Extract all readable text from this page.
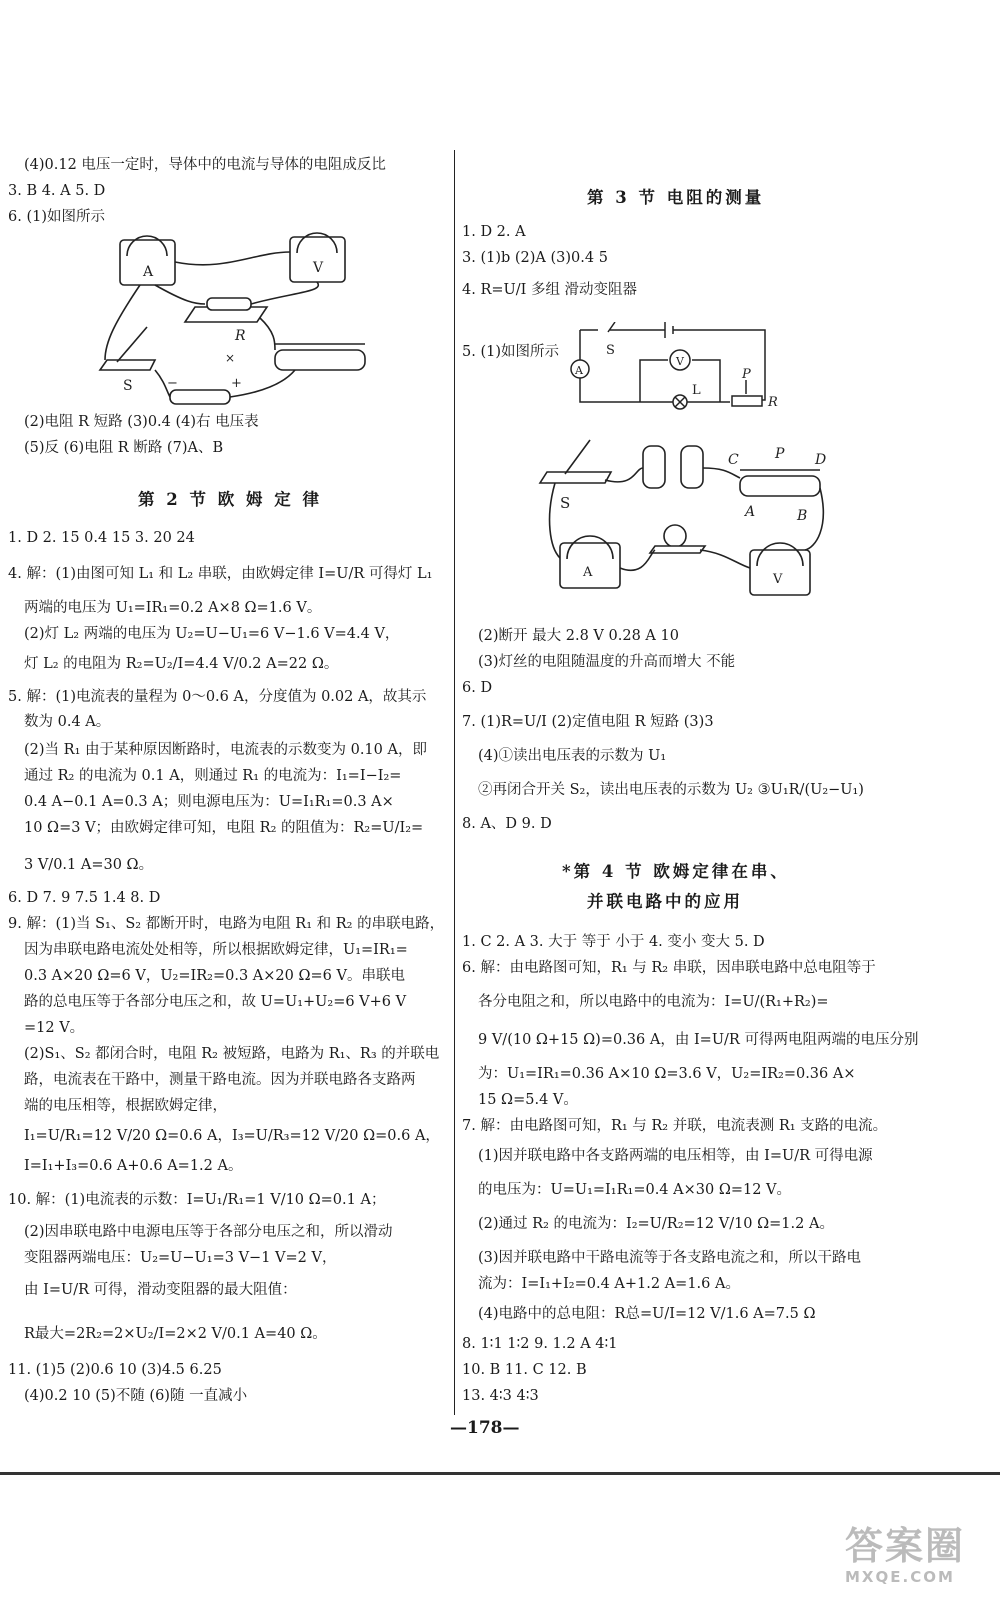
(4)0.12 电压一定时，导体中的电流与导体的电阻成反比
3. B 4. A 5. D
6. (1)如图所示
(2)电阻 R 短路 (3)0.4 (4)右 电压表
(5)反 (6)电阻 R 断路 (7)A、B
1. D 2. 15 0.4 15 3. 20 24
4. 解：(1)由图可知 L₁ 和 L₂ 串联，由欧姆定律 I=U/R 可得灯 L₁
两端的电压为 U₁=IR₁=0.2 A×8 Ω=1.6 V。
(2)灯 L₂ 两端的电压为 U₂=U−U₁=6 V−1.6 V=4.4 V，
灯 L₂ 的电阻为 R₂=U₂/I=4.4 V/0.2 A=22 Ω。
5. 解：(1)电流表的量程为 0～0.6 A，分度值为 0.02 A，故其示
数为 0.4 A。
(2)当 R₁ 由于某种原因断路时，电流表的示数变为 0.10 A，即
通过 R₂ 的电流为 0.1 A，则通过 R₁ 的电流为：I₁=I−I₂=
0.4 A−0.1 A=0.3 A；则电源电压为：U=I₁R₁=0.3 A×
10 Ω=3 V；由欧姆定律可知，电阻 R₂ 的阻值为：R₂=U/I₂=
3 V/0.1 A=30 Ω。
6. D 7. 9 7.5 1.4 8. D
9. 解：(1)当 S₁、S₂ 都断开时，电路为电阻 R₁ 和 R₂ 的串联电路，
因为串联电路电流处处相等，所以根据欧姆定律，U₁=IR₁=
0.3 A×20 Ω=6 V，U₂=IR₂=0.3 A×20 Ω=6 V。串联电
路的总电压等于各部分电压之和，故 U=U₁+U₂=6 V+6 V
=12 V。
(2)S₁、S₂ 都闭合时，电阻 R₂ 被短路，电路为 R₁、R₃ 的并联电
路，电流表在干路中，测量干路电流。因为并联电路各支路两
端的电压相等，根据欧姆定律，
I₁=U/R₁=12 V/20 Ω=0.6 A，I₃=U/R₃=12 V/20 Ω=0.6 A，
I=I₁+I₃=0.6 A+0.6 A=1.2 A。
10. 解：(1)电流表的示数：I=U₁/R₁=1 V/10 Ω=0.1 A；
(2)因串联电路中电源电压等于各部分电压之和，所以滑动
变阻器两端电压：U₂=U−U₁=3 V−1 V=2 V，
由 I=U/R 可得，滑动变阻器的最大阻值：
R最大=2R₂=2×U₂/I=2×2 V/0.1 A=40 Ω。
11. (1)5 (2)0.6 10 (3)4.5 6.25
(4)0.2 10 (5)不随 (6)随 一直减小
第 2 节 欧 姆 定 律
1. D 2. A
3. (1)b (2)A (3)0.4 5
4. R=U/I 多组 滑动变阻器
5. (1)如图所示
(2)断开 最大 2.8 V 0.28 A 10
(3)灯丝的电阻随温度的升高而增大 不能
6. D
7. (1)R=U/I (2)定值电阻 R 短路 (3)3
(4)①读出电压表的示数为 U₁
②再闭合开关 S₂，读出电压表的示数为 U₂ ③U₁R/(U₂−U₁)
8. A、D 9. D
1. C 2. A 3. 大于 等于 小于 4. 变小 变大 5. D
6. 解：由电路图可知，R₁ 与 R₂ 串联，因串联电路中总电阻等于
各分电阻之和，所以电路中的电流为：I=U/(R₁+R₂)=
9 V/(10 Ω+15 Ω)=0.36 A，由 I=U/R 可得两电阻两端的电压分别
为：U₁=IR₁=0.36 A×10 Ω=3.6 V，U₂=IR₂=0.36 A×
15 Ω=5.4 V。
7. 解：由电路图可知，R₁ 与 R₂ 并联，电流表测 R₁ 支路的电流。
(1)因并联电路中各支路两端的电压相等，由 I=U/R 可得电源
的电压为：U=U₁=I₁R₁=0.4 A×30 Ω=12 V。
(2)通过 R₂ 的电流为：I₂=U/R₂=12 V/10 Ω=1.2 A。
(3)因并联电路中干路电流等于各支路电流之和，所以干路电
流为：I=I₁+I₂=0.4 A+1.2 A=1.6 A。
(4)电路中的总电阻：R总=U/I=12 V/1.6 A=7.5 Ω
8. 1∶1 1∶2 9. 1.2 A 4∶1
10. B 11. C 12. B
13. 4∶3 4∶3
第 3 节 电阻的测量
*第 4 节 欧姆定律在串、
并联电路中的应用
A	V
R
S	−	+
×
A
V
S
L
P
R
S
A	V
C	P D
A	B
—178—
答案圈
MXQE.COM
